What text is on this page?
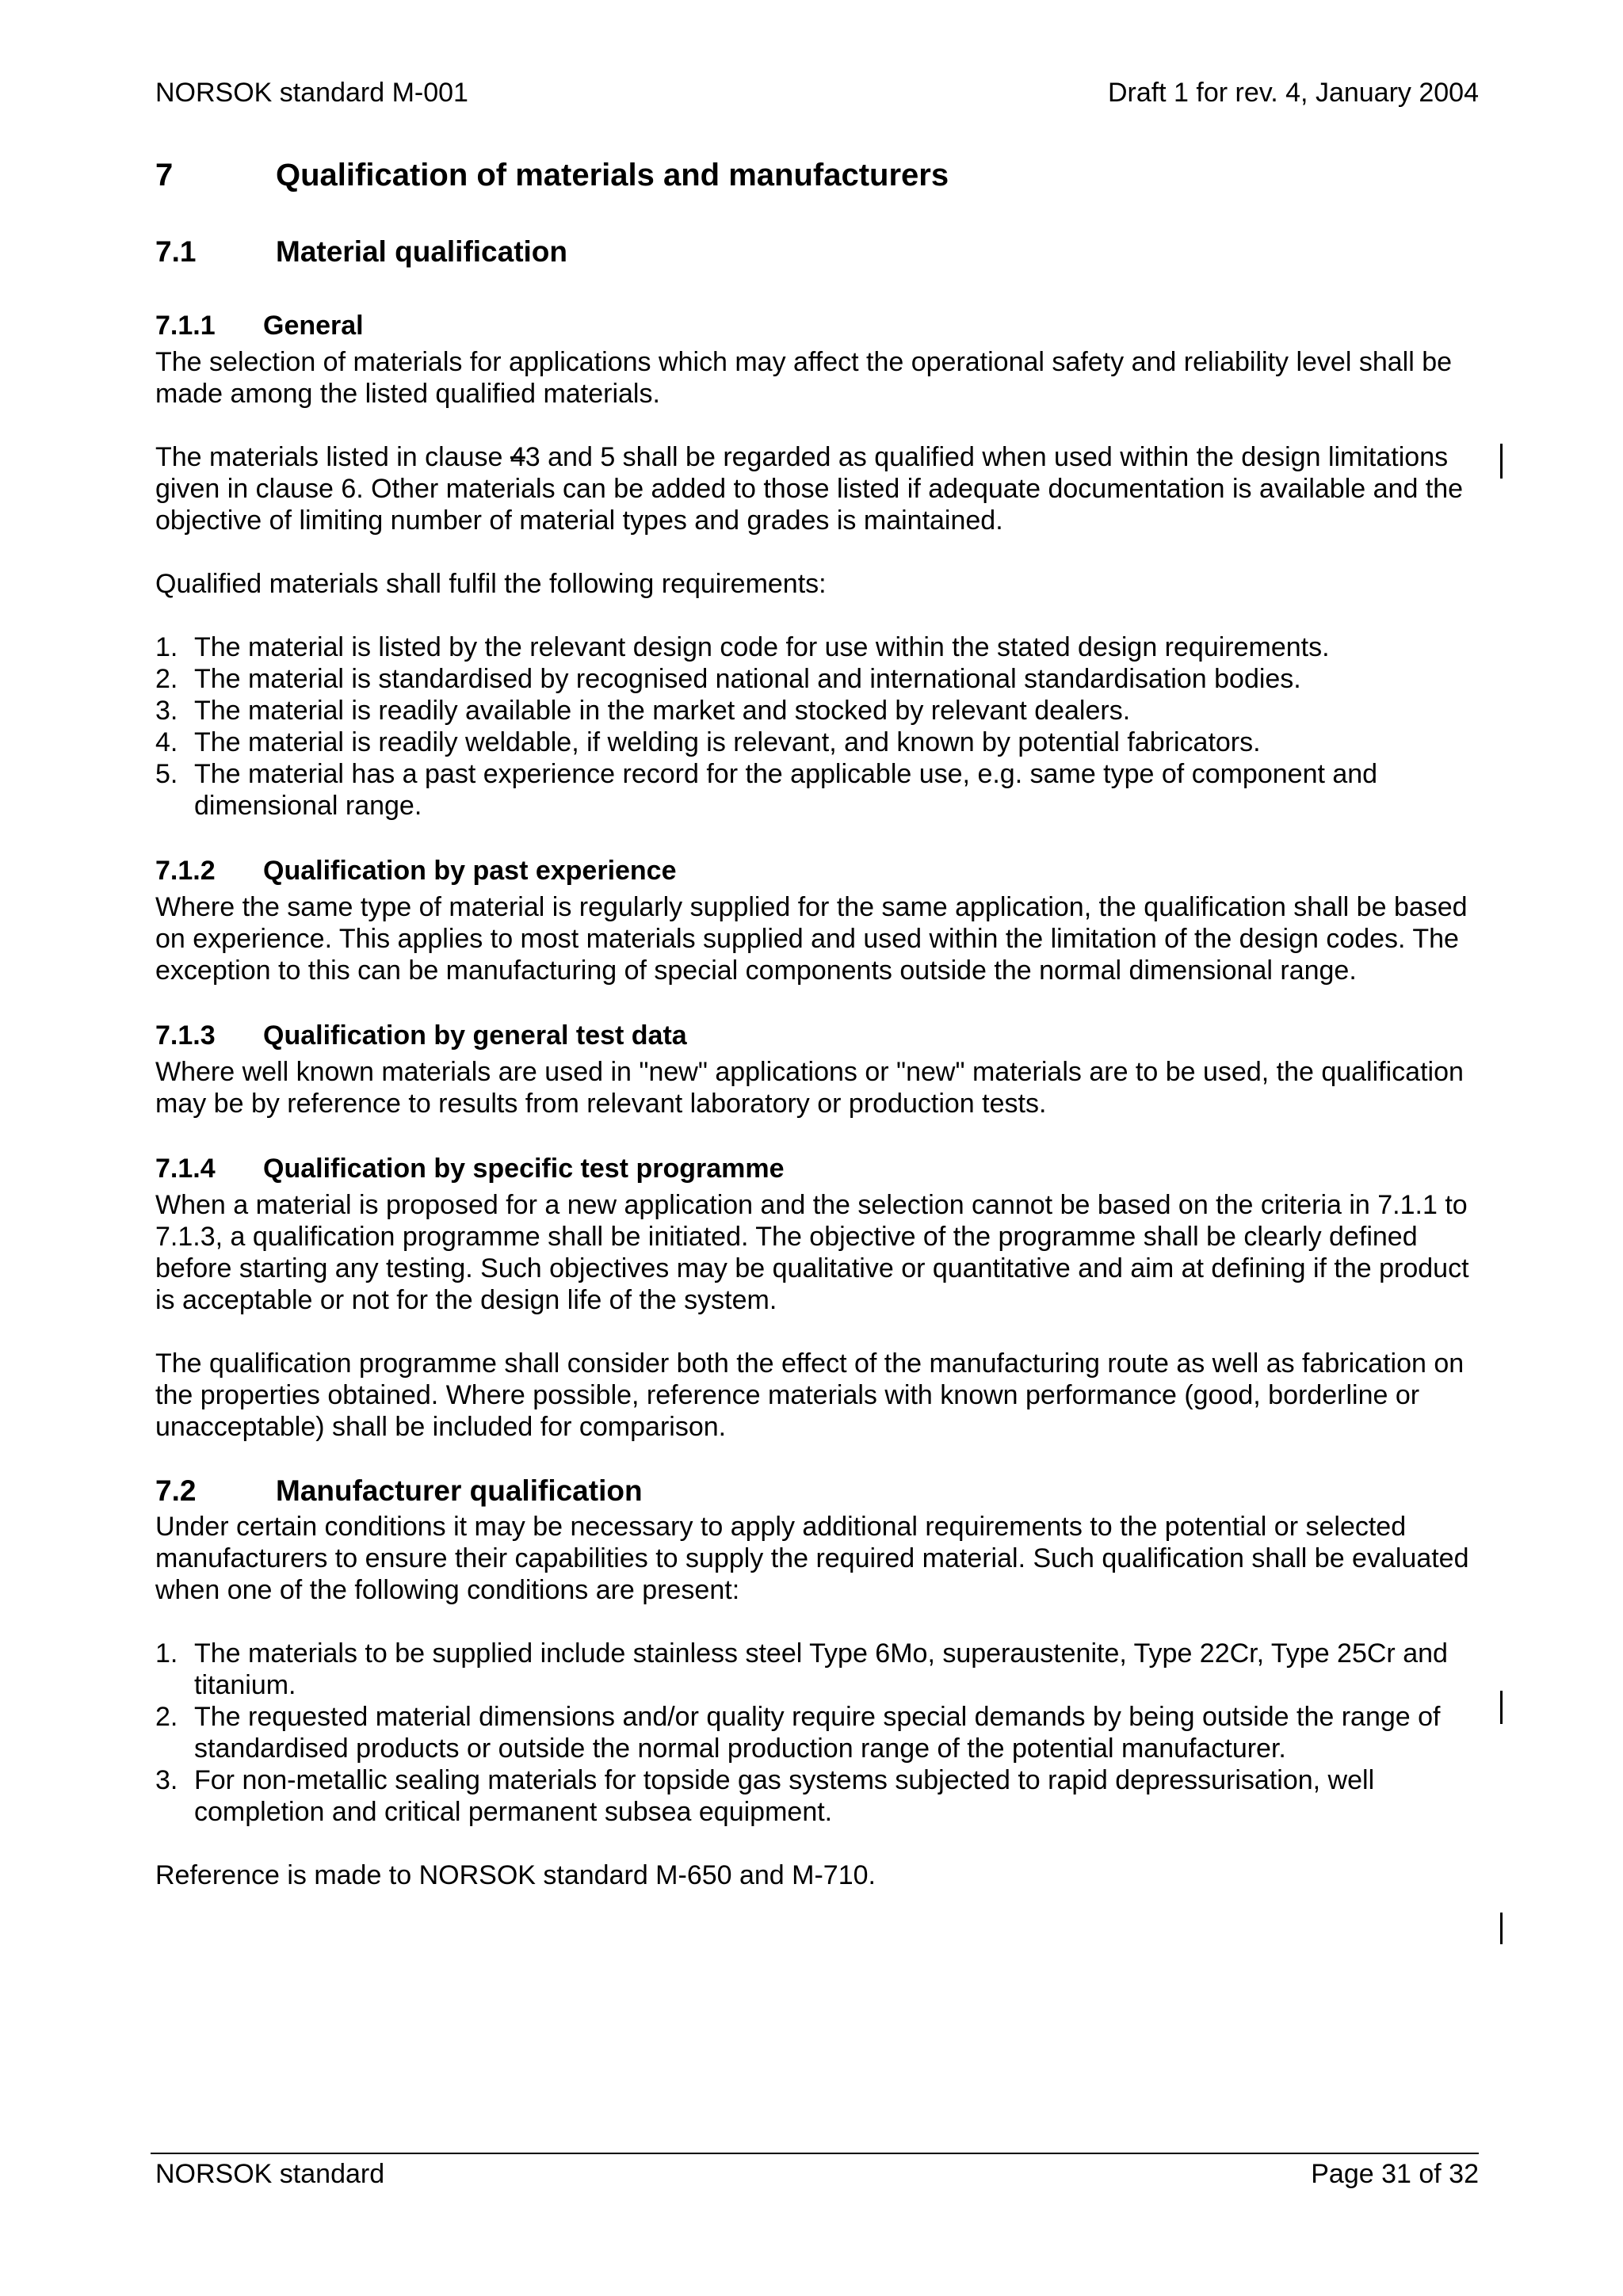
NORSOK standard M-001	Draft 1 for rev. 4, January 2004
7	Qualification of materials and manufacturers
7.1	Material qualification
7.1.1	General

The selection of materials for applications which may affect the operational safety and reliability level shall be made among the listed qualified materials.

The materials listed in clause 43 and 5 shall be regarded as qualified when used within the design limitations given in clause 6. Other materials can be added to those listed if adequate documentation is available and the objective of limiting number of material types and grades is maintained.

Qualified materials shall fulfil the following requirements:

1. The material is listed by the relevant design code for use within the stated design requirements.
2. The material is standardised by recognised national and international standardisation bodies.
3. The material is readily available in the market and stocked by relevant dealers.
4. The material is readily weldable, if welding is relevant, and known by potential fabricators.
5. The material has a past experience record for the applicable use, e.g. same type of component and dimensional range.
7.1.2	Qualification by past experience

Where the same type of material is regularly supplied for the same application, the qualification shall be based on experience. This applies to most materials supplied and used within the limitation of the design codes. The exception to this can be manufacturing of special components outside the normal dimensional range.

7.1.3	Qualification by general test data

Where well known materials are used in "new" applications or "new" materials are to be used, the qualification may be by reference to results from relevant laboratory or production tests.

7.1.4	Qualification by specific test programme

When a material is proposed for a new application and the selection cannot be based on the criteria in 7.1.1 to 7.1.3, a qualification programme shall be initiated. The objective of the programme shall be clearly defined before starting any testing. Such objectives may be qualitative or quantitative and aim at defining if the product is acceptable or not for the design life of the system.

The qualification programme shall consider both the effect of the manufacturing route as well as fabrication on the properties obtained. Where possible, reference materials with known performance (good, borderline or unacceptable) shall be included for comparison.

7.2	Manufacturer qualification

Under certain conditions it may be necessary to apply additional requirements to the potential or selected manufacturers to ensure their capabilities to supply the required material. Such qualification shall be evaluated when one of the following conditions are present:

1. The materials to be supplied include stainless steel Type 6Mo, superaustenite, Type 22Cr, Type 25Cr and titanium.
2. The requested material dimensions and/or quality require special demands by being outside the range of standardised products or outside the normal production range of the potential manufacturer.
3. For non-metallic sealing materials for topside gas systems subjected to rapid depressurisation, well completion and critical permanent subsea equipment.

Reference is made to NORSOK standard M-650 and M-710.

NORSOK standard	Page 31 of 32
